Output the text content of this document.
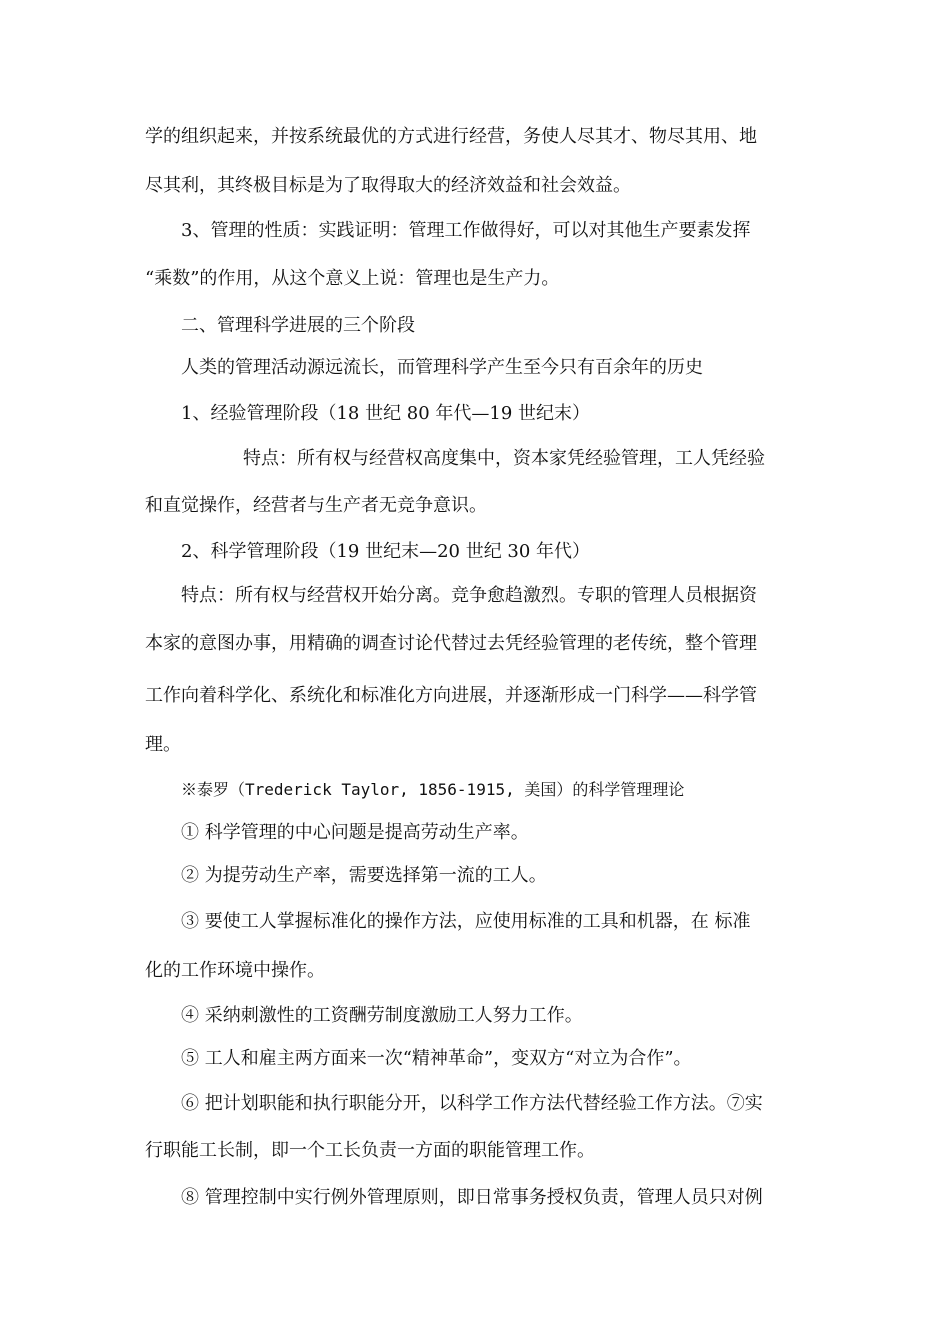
学的组织起来，并按系统最优的方式进行经营，务使人尽其才、物尽其用、地
尽其利，其终极目标是为了取得取大的经济效益和社会效益。
3、管理的性质：实践证明：管理工作做得好，可以对其他生产要素发挥
“乘数”的作用，从这个意义上说：管理也是生产力。
二、管理科学进展的三个阶段
人类的管理活动源远流长，而管理科学产生至今只有百余年的历史
1、经验管理阶段（18 世纪 80 年代—19 世纪末）
特点：所有权与经营权高度集中，资本家凭经验管理，工人凭经验
和直觉操作，经营者与生产者无竞争意识。
2、科学管理阶段（19 世纪末—20 世纪 30 年代）
特点：所有权与经营权开始分离。竞争愈趋激烈。专职的管理人员根据资
本家的意图办事，用精确的调查讨论代替过去凭经验管理的老传统，整个管理
工作向着科学化、系统化和标准化方向进展，并逐渐形成一门科学——科学管
理。
※泰罗（Trederick Taylor, 1856-1915, 美国）的科学管理理论
① 科学管理的中心问题是提高劳动生产率。
② 为提劳动生产率，需要选择第一流的工人。
③ 要使工人掌握标准化的操作方法，应使用标准的工具和机器，在 标准
化的工作环境中操作。
④ 采纳刺激性的工资酬劳制度激励工人努力工作。
⑤ 工人和雇主两方面来一次“精神革命”，变双方“对立为合作”。
⑥ 把计划职能和执行职能分开，以科学工作方法代替经验工作方法。⑦实
行职能工长制，即一个工长负责一方面的职能管理工作。
⑧ 管理控制中实行例外管理原则，即日常事务授权负责，管理人员只对例
